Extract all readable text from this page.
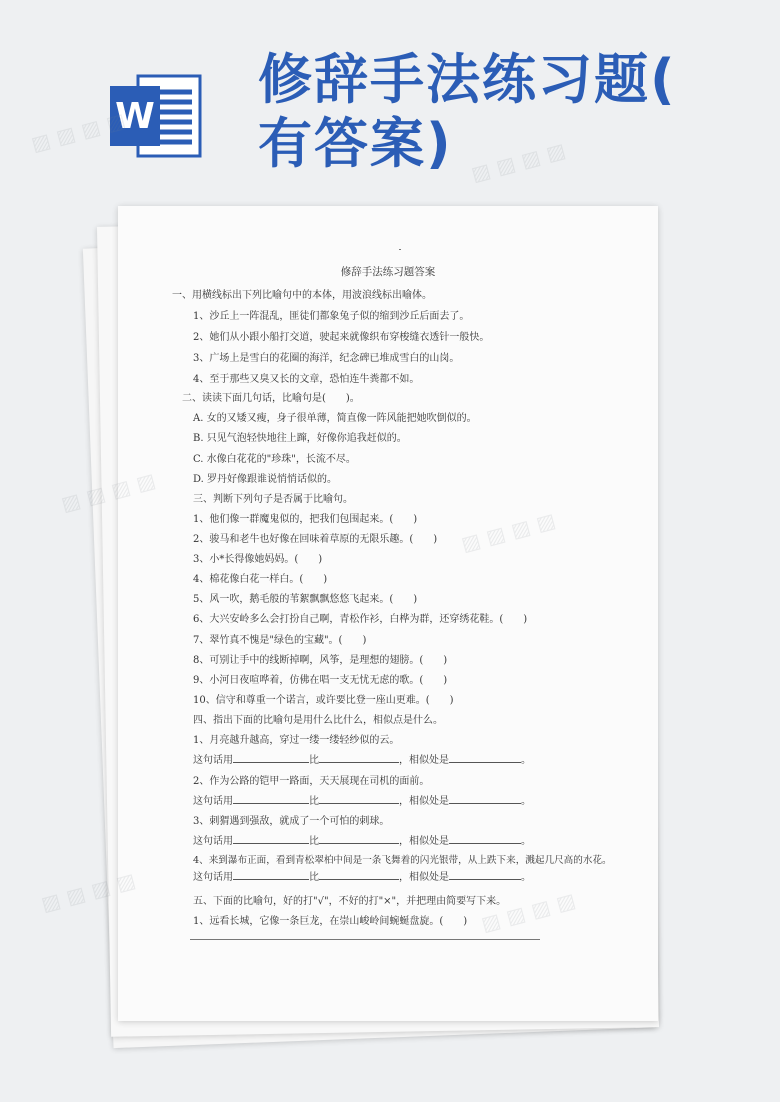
W
修辞手法练习题(
有答案)
修辞手法练习题答案
一、用横线标出下列比喻句中的本体，用波浪线标出喻体。
1、沙丘上一阵混乱，匪徒们都象兔子似的缩到沙丘后面去了。
2、她们从小跟小船打交道，驶起来就像织布穿梭缝衣透针一般快。
3、广场上是雪白的花圈的海洋，纪念碑已堆成雪白的山岗。
4、至于那些又臭又长的文章，恐怕连牛粪都不如。
二、读读下面几句话，比喻句是(　　)。
A. 女的又矮又瘦，身子很单薄，简直像一阵风能把她吹倒似的。
B. 只见气泡轻快地往上蹿，好像你追我赶似的。
C. 水像白花花的"珍珠"，长流不尽。
D. 罗丹好像跟谁说悄悄话似的。
三、判断下列句子是否属于比喻句。
1、他们像一群魔鬼似的，把我们包围起来。(　　)
2、骏马和老牛也好像在回味着草原的无限乐趣。(　　)
3、小*长得像她妈妈。(　　)
4、棉花像白花一样白。(　　)
5、风一吹，鹅毛般的苇絮飘飘悠悠飞起来。(　　)
6、大兴安岭多么会打扮自己啊，青松作衫，白桦为群，还穿绣花鞋。(　　)
7、翠竹真不愧是"绿色的宝藏"。(　　)
8、可别让手中的线断掉啊，风筝，是理想的翅膀。(　　)
9、小河日夜喧哗着，仿佛在唱一支无忧无虑的歌。(　　)
10、信守和尊重一个诺言，或许要比登一座山更难。(　　)
四、指出下面的比喻句是用什么比什么，相似点是什么。
1、月亮越升越高，穿过一缕一缕轻纱似的云。
这句话用	比	，相似处是	。
2、作为公路的铠甲一路面，天天展现在司机的面前。
这句话用	比	，相似处是	。
3、刺猬遇到强敌，就成了一个可怕的刺球。
这句话用	比	，相似处是	。
4、来到瀑布正面，看到青松翠柏中间是一条飞舞着的闪光银带，从上跌下来，溅起几尺高的水花。
这句话用	比	，相似处是	。
五、下面的比喻句，好的打"√"，不好的打"×"，并把理由简要写下来。
1、远看长城，它像一条巨龙，在崇山峻岭间蜿蜒盘旋。(　　)
▨ ▨ ▨ ▨
▨ ▨ ▨ ▨
▨ ▨ ▨ ▨
▨ ▨ ▨ ▨
▨ ▨ ▨ ▨	▨ ▨ ▨ ▨
